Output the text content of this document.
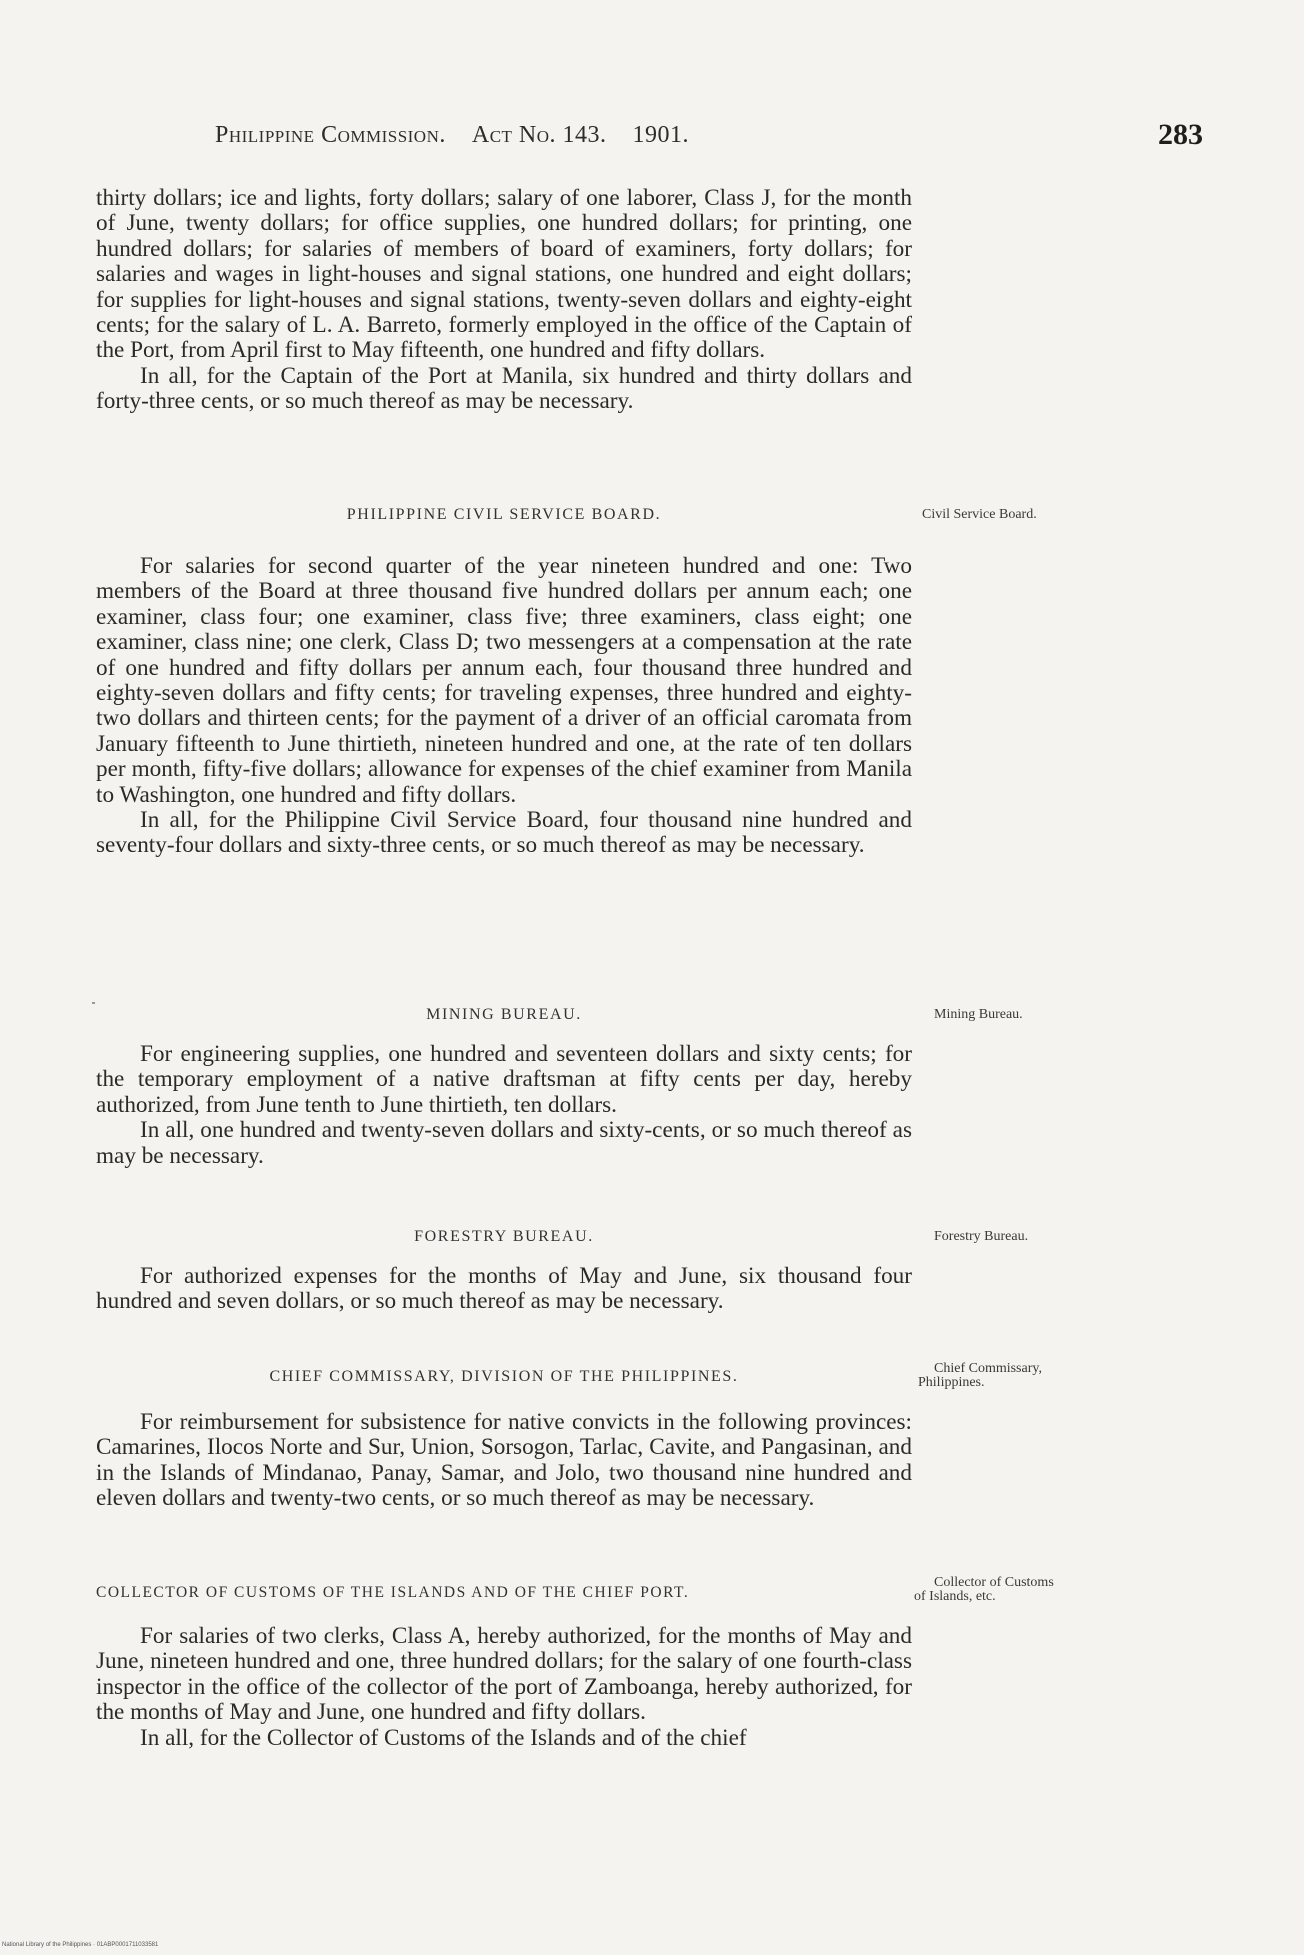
Philippine Commission. Act No. 143. 1901.	283

thirty dollars; ice and lights, forty dollars; salary of one laborer, Class J, for the month of June, twenty dollars; for office supplies, one hundred dollars; for printing, one hundred dollars; for salaries of members of board of examiners, forty dollars; for salaries and wages in light-houses and signal stations, one hundred and eight dollars; for supplies for light-houses and signal stations, twenty-seven dollars and eighty-eight cents; for the salary of L. A. Barreto, formerly employed in the office of the Captain of the Port, from April first to May fifteenth, one hundred and fifty dollars.

In all, for the Captain of the Port at Manila, six hundred and thirty dollars and forty-three cents, or so much thereof as may be necessary.

PHILIPPINE CIVIL SERVICE BOARD.	Civil Service Board.

For salaries for second quarter of the year nineteen hundred and one: Two members of the Board at three thousand five hundred dollars per annum each; one examiner, class four; one examiner, class five; three examiners, class eight; one examiner, class nine; one clerk, Class D; two messengers at a compensation at the rate of one hundred and fifty dollars per annum each, four thousand three hundred and eighty-seven dollars and fifty cents; for traveling expenses, three hundred and eighty-two dollars and thirteen cents; for the payment of a driver of an official caromata from January fifteenth to June thirtieth, nineteen hundred and one, at the rate of ten dollars per month, fifty-five dollars; allowance for expenses of the chief examiner from Manila to Washington, one hundred and fifty dollars.

In all, for the Philippine Civil Service Board, four thousand nine hundred and seventy-four dollars and sixty-three cents, or so much thereof as may be necessary.

MINING BUREAU.	Mining Bureau.

For engineering supplies, one hundred and seventeen dollars and sixty cents; for the temporary employment of a native draftsman at fifty cents per day, hereby authorized, from June tenth to June thirtieth, ten dollars.

In all, one hundred and twenty-seven dollars and sixty-cents, or so much thereof as may be necessary.

FORESTRY BUREAU.	Forestry Bureau.

For authorized expenses for the months of May and June, six thousand four hundred and seven dollars, or so much thereof as may be necessary.

CHIEF COMMISSARY, DIVISION OF THE PHILIPPINES.	Chief Commissary,
Philippines.

For reimbursement for subsistence for native convicts in the following provinces: Camarines, Ilocos Norte and Sur, Union, Sorsogon, Tarlac, Cavite, and Pangasinan, and in the Islands of Mindanao, Panay, Samar, and Jolo, two thousand nine hundred and eleven dollars and twenty-two cents, or so much thereof as may be necessary.

COLLECTOR OF CUSTOMS OF THE ISLANDS AND OF THE CHIEF PORT.

Collector of Customs
of Islands, etc.

For salaries of two clerks, Class A, hereby authorized, for the months of May and June, nineteen hundred and one, three hundred dollars; for the salary of one fourth-class inspector in the office of the collector of the port of Zamboanga, hereby authorized, for the months of May and June, one hundred and fifty dollars.

In all, for the Collector of Customs of the Islands and of the chief

National Library of the Philippines · 01ABP0001711033581
